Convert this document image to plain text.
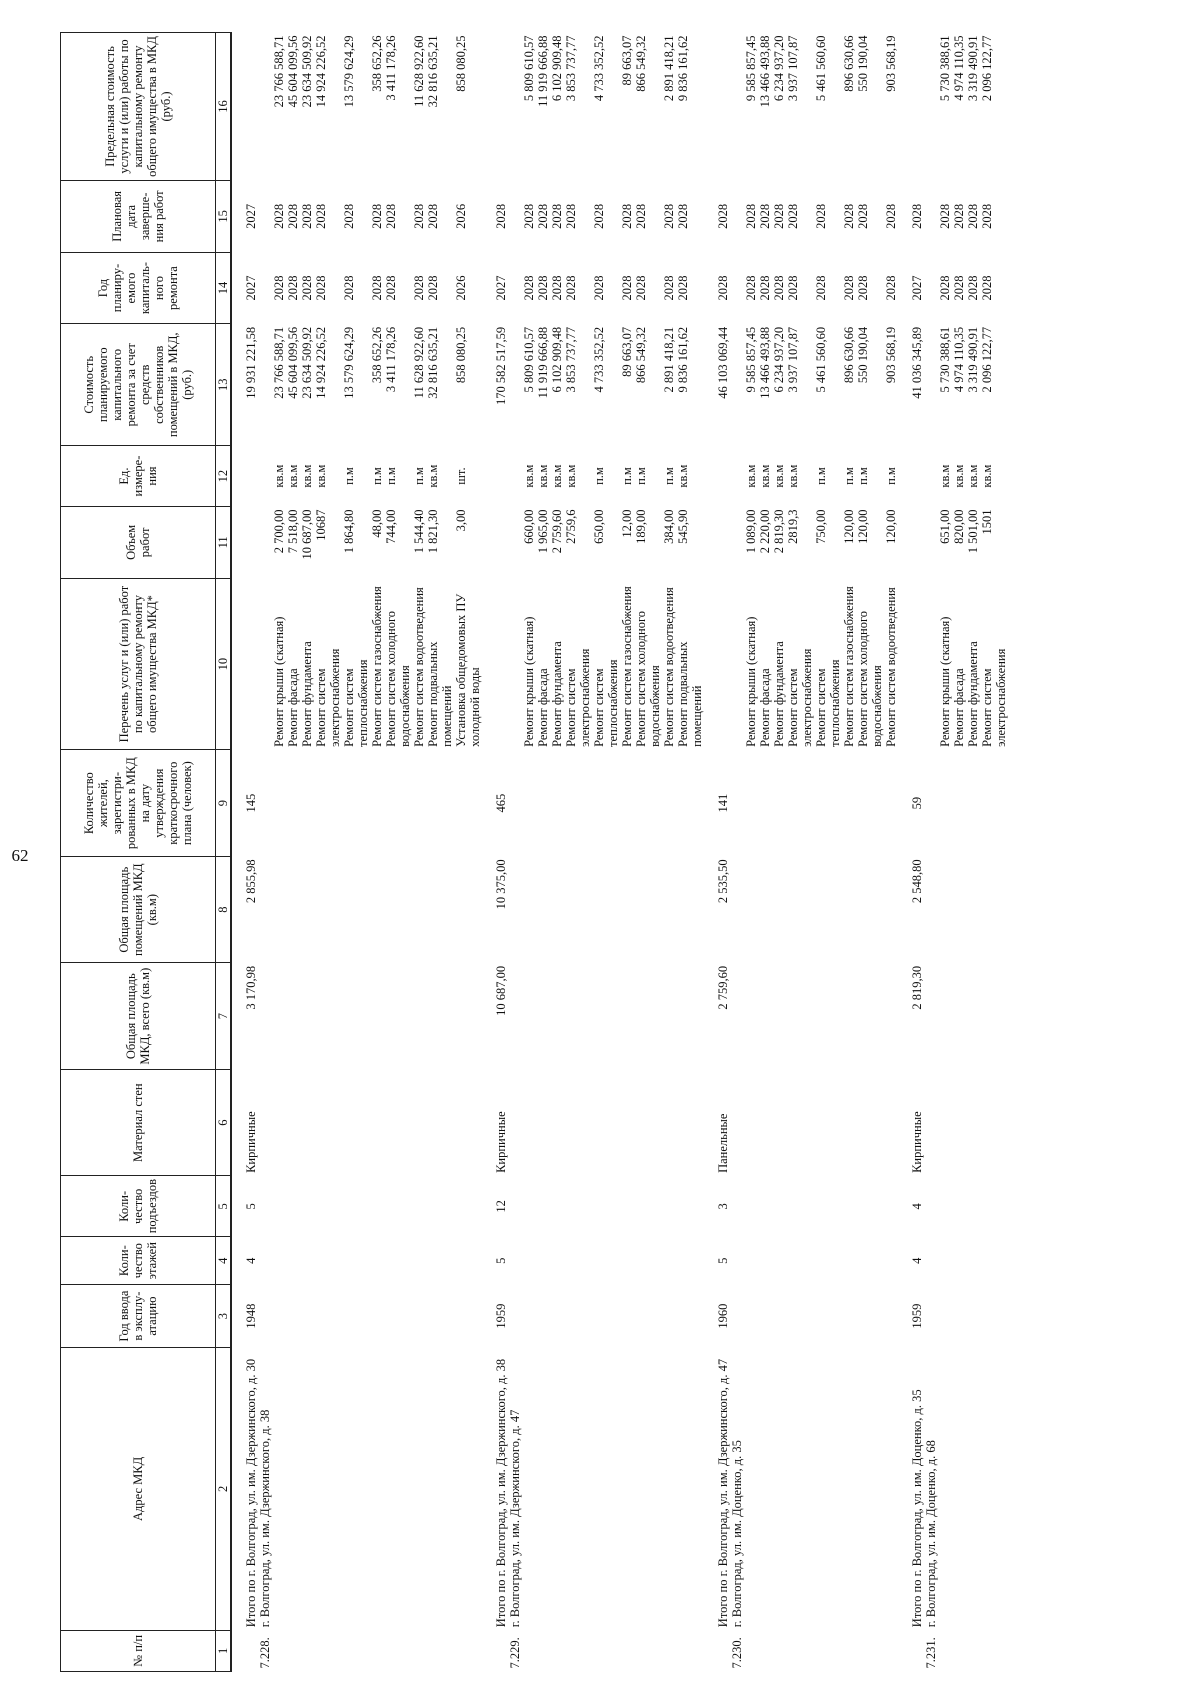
62
№ п/п	Адрес МКД	Год ввода в эксплу-атацию	Коли-чество этажей	Коли-чество подъездов	Материал стен	Общая площадь МКД, всего (кв.м)	Общая площадь помещений МКД (кв.м)	Количество жителей, зарегистри-рованных в МКД на дату утверждения краткосрочного плана (человек)	Перечень услуг и (или) работ по капитальному ремонту общего имущества МКД*	Объем работ	Ед. измере-ния	Стоимость планируемого капитального ремонта за счет средств собственников помещений в МКД, (руб.)	Год планиру-емого капиталь-ного ремонта	Плановая дата заверше-ния работ	Предельная стоимость услуги и (или) работы по капитальному ремонту общего имущества в МКД (руб.)
1	2	3	4	5	6	7	8	9	10	11	12	13	14	15	16

	Итого по г. Волгоград, ул. им. Дзержинского, д. 30	1948	4	5	Кирпичные	3 170,98	2 855,98	145				19 931 221,58	2027	2027	
7.228.	г. Волгоград, ул. им. Дзержинского, д. 38														
									Ремонт крыши (скатная)	2 700,00	кв.м	23 766 588,71	2028	2028	23 766 588,71
									Ремонт фасада	7 518,00	кв.м	45 604 099,56	2028	2028	45 604 099,56
									Ремонт фундамента	10 687,00	кв.м	23 634 509,92	2028	2028	23 634 509,92
									Ремонт систем электроснабжения	10687	кв.м	14 924 226,52	2028	2028	14 924 226,52
									Ремонт систем теплоснабжения	1 864,80	п.м	13 579 624,29	2028	2028	13 579 624,29
									Ремонт систем газоснабжения	48,00	п.м	358 652,26	2028	2028	358 652,26
									Ремонт систем холодного водоснабжения	744,00	п.м	3 411 178,26	2028	2028	3 411 178,26
									Ремонт систем водоотведения	1 544,40	п.м	11 628 922,60	2028	2028	11 628 922,60
									Ремонт подвальных помещений	1 821,30	кв.м	32 816 635,21	2028	2028	32 816 635,21
									Установка общедомовых ПУ холодной воды	3,00	шт.	858 080,25	2026	2026	858 080,25

	Итого по г. Волгоград, ул. им. Дзержинского, д. 38	1959	5	12	Кирпичные	10 687,00	10 375,00	465				170 582 517,59	2027	2028	
7.229.	г. Волгоград, ул. им. Дзержинского, д. 47														
									Ремонт крыши (скатная)	660,00	кв.м	5 809 610,57	2028	2028	5 809 610,57
									Ремонт фасада	1 965,00	кв.м	11 919 666,88	2028	2028	11 919 666,88
									Ремонт фундамента	2 759,60	кв.м	6 102 909,48	2028	2028	6 102 909,48
									Ремонт систем электроснабжения	2759,6	кв.м	3 853 737,77	2028	2028	3 853 737,77
									Ремонт систем теплоснабжения	650,00	п.м	4 733 352,52	2028	2028	4 733 352,52
									Ремонт систем газоснабжения	12,00	п.м	89 663,07	2028	2028	89 663,07
									Ремонт систем холодного водоснабжения	189,00	п.м	866 549,32	2028	2028	866 549,32
									Ремонт систем водоотведения	384,00	п.м	2 891 418,21	2028	2028	2 891 418,21
									Ремонт подвальных помещений	545,90	кв.м	9 836 161,62	2028	2028	9 836 161,62

	Итого по г. Волгоград, ул. им. Дзержинского, д. 47	1960	5	3	Панельные	2 759,60	2 535,50	141				46 103 069,44	2028	2028	
7.230.	г. Волгоград, ул. им. Доценко, д. 35														
									Ремонт крыши (скатная)	1 089,00	кв.м	9 585 857,45	2028	2028	9 585 857,45
									Ремонт фасада	2 220,00	кв.м	13 466 493,88	2028	2028	13 466 493,88
									Ремонт фундамента	2 819,30	кв.м	6 234 937,20	2028	2028	6 234 937,20
									Ремонт систем электроснабжения	2819,3	кв.м	3 937 107,87	2028	2028	3 937 107,87
									Ремонт систем теплоснабжения	750,00	п.м	5 461 560,60	2028	2028	5 461 560,60
									Ремонт систем газоснабжения	120,00	п.м	896 630,66	2028	2028	896 630,66
									Ремонт систем холодного водоснабжения	120,00	п.м	550 190,04	2028	2028	550 190,04
									Ремонт систем водоотведения	120,00	п.м	903 568,19	2028	2028	903 568,19

	Итого по г. Волгоград, ул. им. Доценко, д. 35	1959	4	4	Кирпичные	2 819,30	2 548,80	59				41 036 345,89	2027	2028	
7.231.	г. Волгоград, ул. им. Доценко, д. 68														
									Ремонт крыши (скатная)	651,00	кв.м	5 730 388,61	2028	2028	5 730 388,61
									Ремонт фасада	820,00	кв.м	4 974 110,35	2028	2028	4 974 110,35
									Ремонт фундамента	1 501,00	кв.м	3 319 490,91	2028	2028	3 319 490,91
									Ремонт систем электроснабжения	1501	кв.м	2 096 122,77	2028	2028	2 096 122,77
